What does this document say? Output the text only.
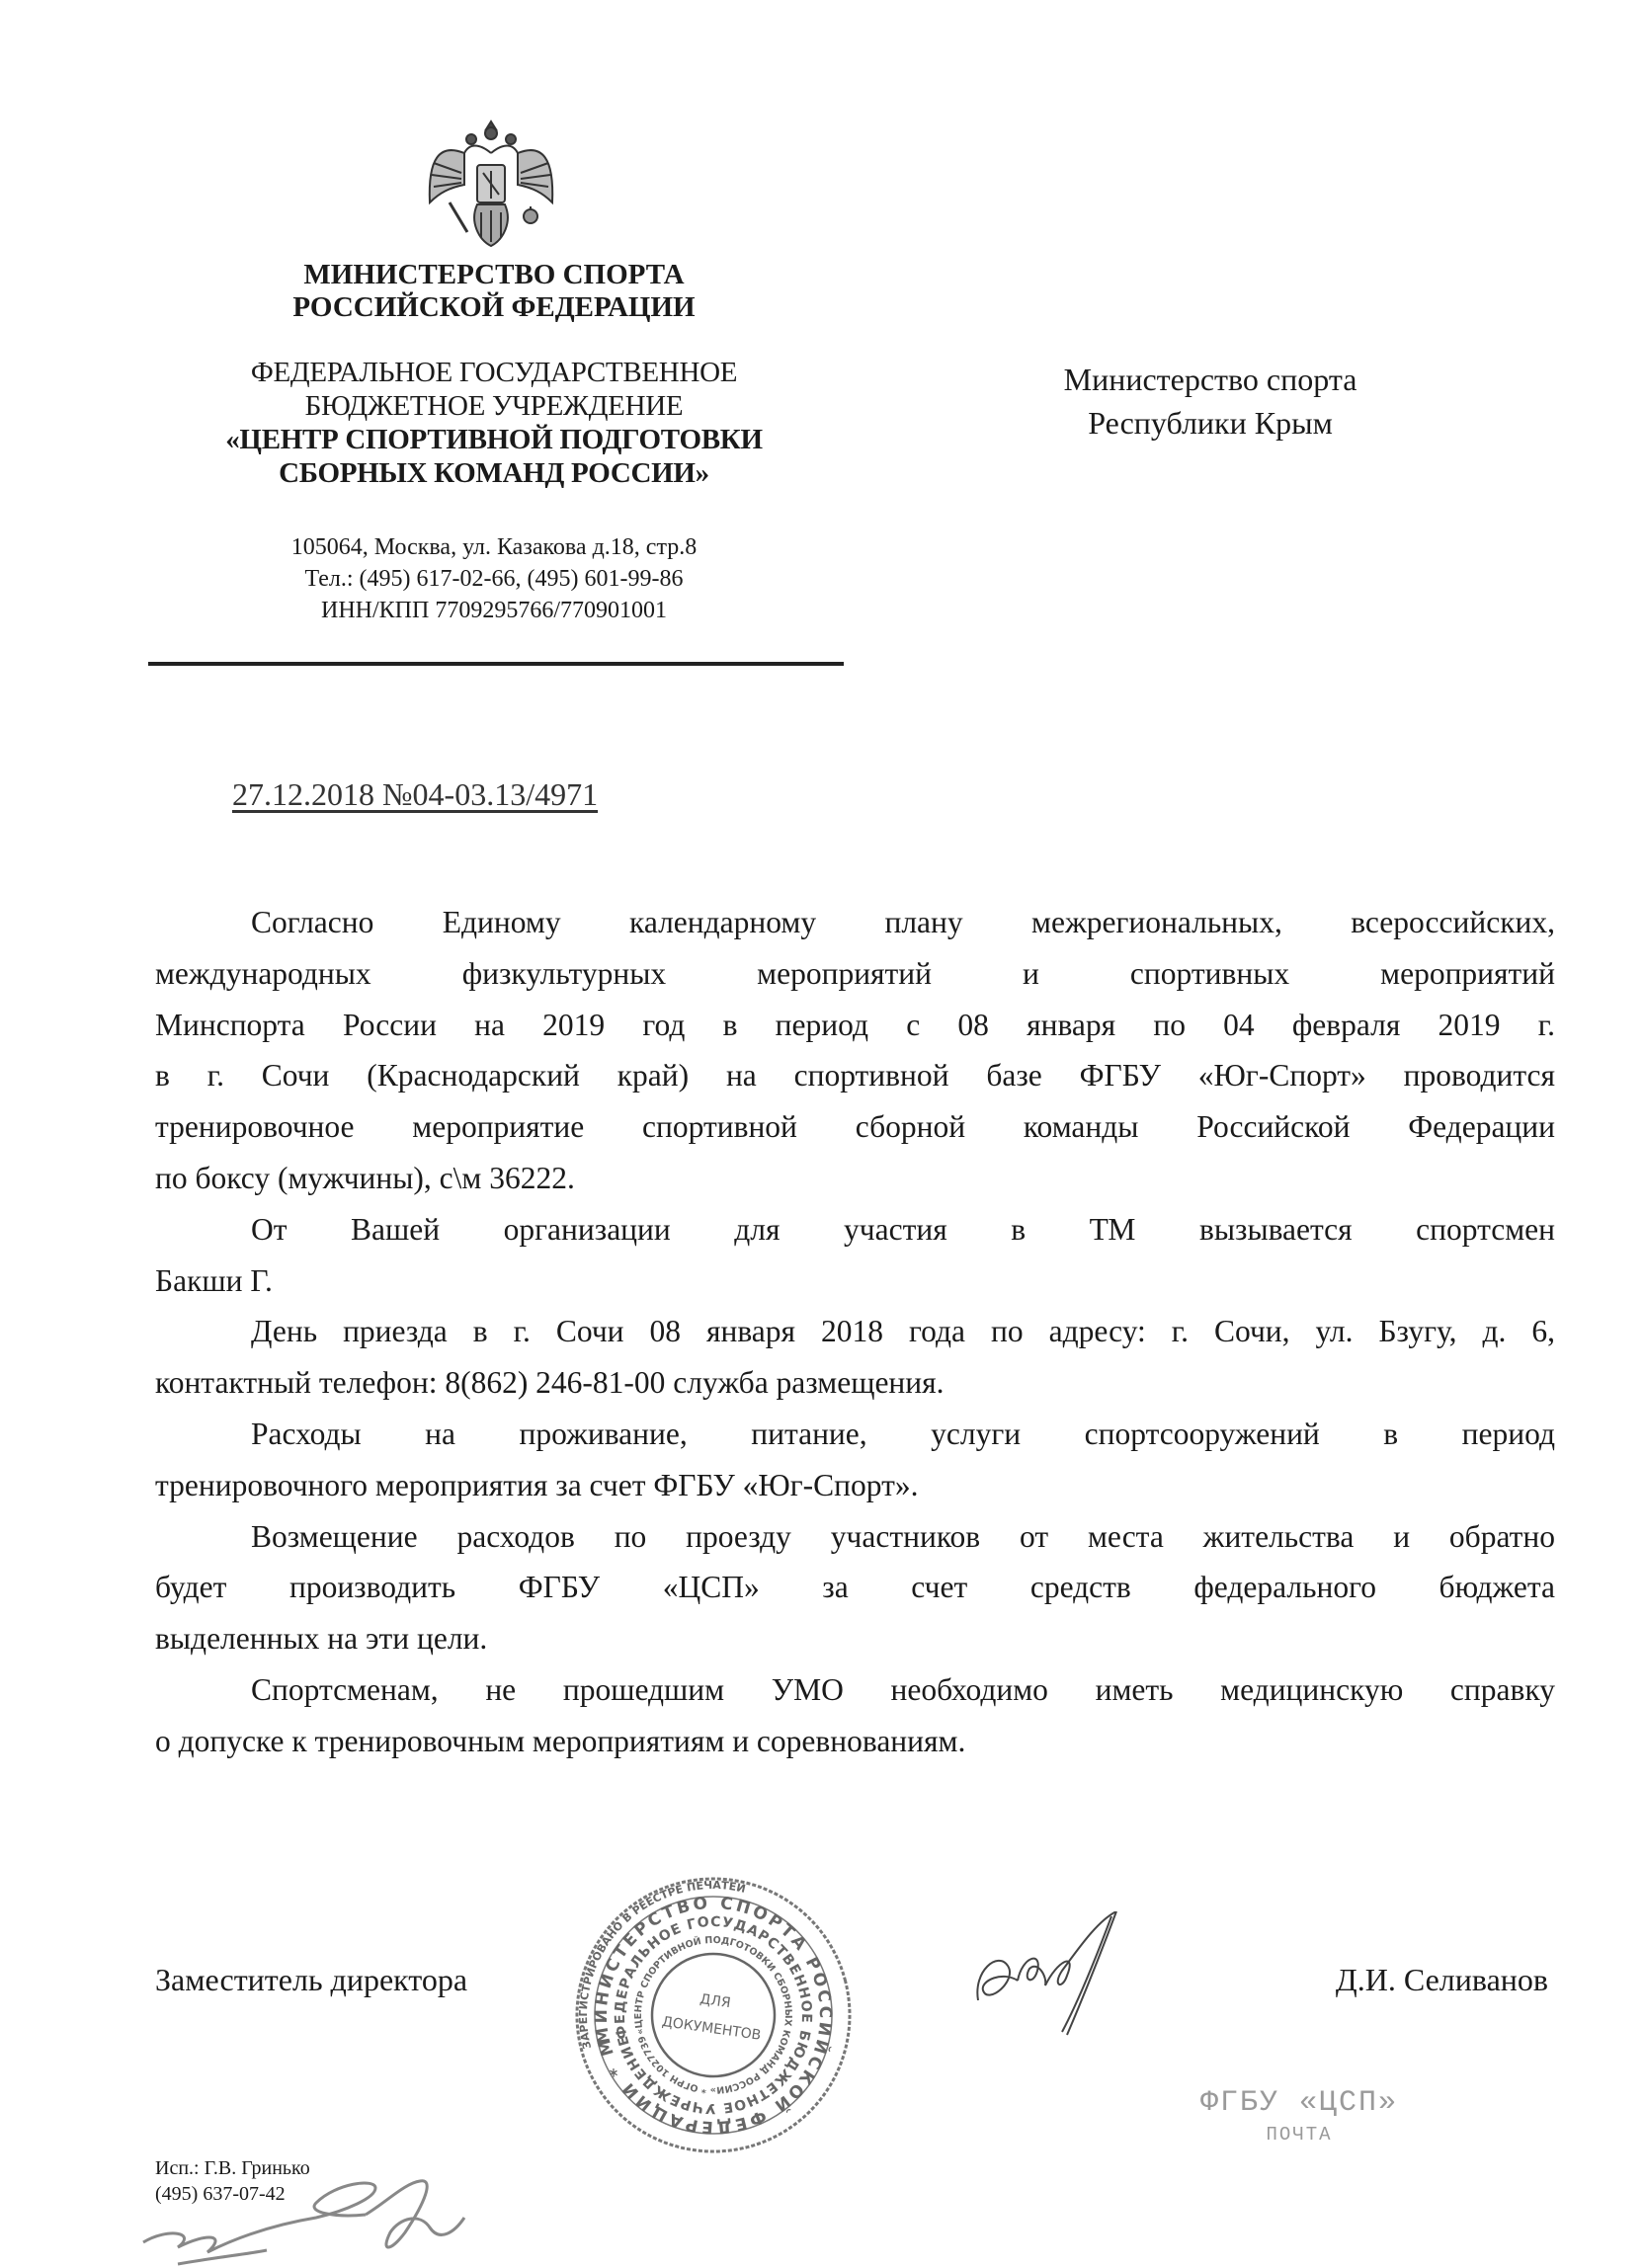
МИНИСТЕРСТВО СПОРТА
РОССИЙСКОЙ ФЕДЕРАЦИИ
ФЕДЕРАЛЬНОЕ ГОСУДАРСТВЕННОЕ
БЮДЖЕТНОЕ УЧРЕЖДЕНИЕ
«ЦЕНТР СПОРТИВНОЙ ПОДГОТОВКИ
СБОРНЫХ КОМАНД РОССИИ»
105064, Москва, ул. Казакова д.18, стр.8
Тел.: (495) 617-02-66, (495) 601-99-86
ИНН/КПП 7709295766/770901001
Министерство спорта
Республики Крым
27.12.2018 №04-03.13/4971
Согласно Единому календарному плану межрегиональных, всероссийских,
международных физкультурных мероприятий и спортивных мероприятий
Минспорта России на 2019 год в период с 08 января по 04 февраля 2019 г.
в г. Сочи (Краснодарский край) на спортивной базе ФГБУ «Юг-Спорт» проводится
тренировочное мероприятие спортивной сборной команды Российской Федерации
по боксу (мужчины), с\м 36222.
От Вашей организации для участия в ТМ вызывается спортсмен
Бакши Г.
День приезда в г. Сочи 08 января 2018 года по адресу: г. Сочи, ул. Бзугу, д. 6,
контактный телефон: 8(862) 246-81-00 служба размещения.
Расходы на проживание, питание, услуги спортсооружений в период
тренировочного мероприятия за счет ФГБУ «Юг-Спорт».
Возмещение расходов по проезду участников от места жительства и обратно
будет производить ФГБУ «ЦСП» за счет средств федерального бюджета
выделенных на эти цели.
Спортсменам, не прошедшим УМО необходимо иметь медицинскую справку
о допуске к тренировочным мероприятиям и соревнованиям.
Заместитель директора
ЗАРЕГИСТРИРОВАНО В РЕЕСТРЕ ПЕЧАТЕЙ
МИНИСТЕРСТВО СПОРТА РОССИЙСКОЙ ФЕДЕРАЦИИ * МОСКВА
ФЕДЕРАЛЬНОЕ ГОСУДАРСТВЕННОЕ БЮДЖЕТНОЕ УЧРЕЖДЕНИЕ
«ЦЕНТР СПОРТИВНОЙ ПОДГОТОВКИ СБОРНЫХ КОМАНД РОССИИ» * ОГРН 1027739520357
ДЛЯ
ДОКУМЕНТОВ
Д.И. Селиванов
ФГБУ «ЦСП»
ПОЧТА
Исп.: Г.В. Гринько
(495) 637-07-42
